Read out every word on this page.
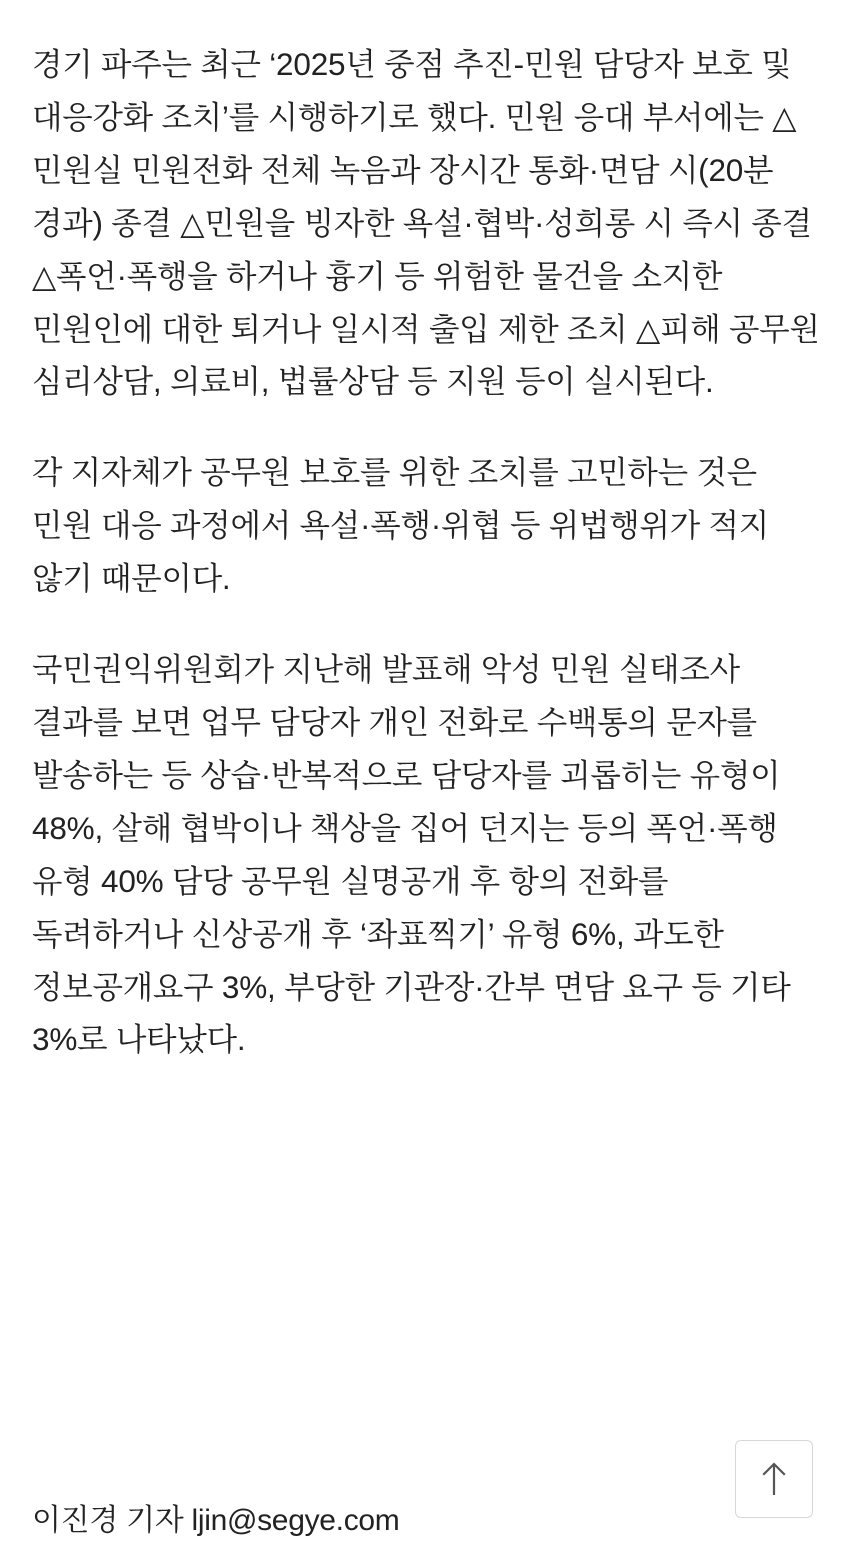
경기 파주는 최근 ‘2025년 중점 추진-민원 담당자 보호 및 대응강화 조치’를 시행하기로 했다. 민원 응대 부서에는 △민원실 민원전화 전체 녹음과 장시간 통화·면담 시(20분 경과) 종결 △민원을 빙자한 욕설·협박·성희롱 시 즉시 종결 △폭언·폭행을 하거나 흉기 등 위험한 물건을 소지한 민원인에 대한 퇴거나 일시적 출입 제한 조치 △피해 공무원 심리상담, 의료비, 법률상담 등 지원 등이 실시된다.

각 지자체가 공무원 보호를 위한 조치를 고민하는 것은 민원 대응 과정에서 욕설·폭행·위협 등 위법행위가 적지 않기 때문이다.

국민권익위원회가 지난해 발표해 악성 민원 실태조사 결과를 보면 업무 담당자 개인 전화로 수백통의 문자를 발송하는 등 상습·반복적으로 담당자를 괴롭히는 유형이 48%, 살해 협박이나 책상을 집어 던지는 등의 폭언·폭행 유형 40% 담당 공무원 실명공개 후 항의 전화를 독려하거나 신상공개 후 ‘좌표찍기’ 유형 6%, 과도한 정보공개요구 3%, 부당한 기관장·간부 면담 요구 등 기타 3%로 나타났다.

이진경 기자 ljin@segye.com
